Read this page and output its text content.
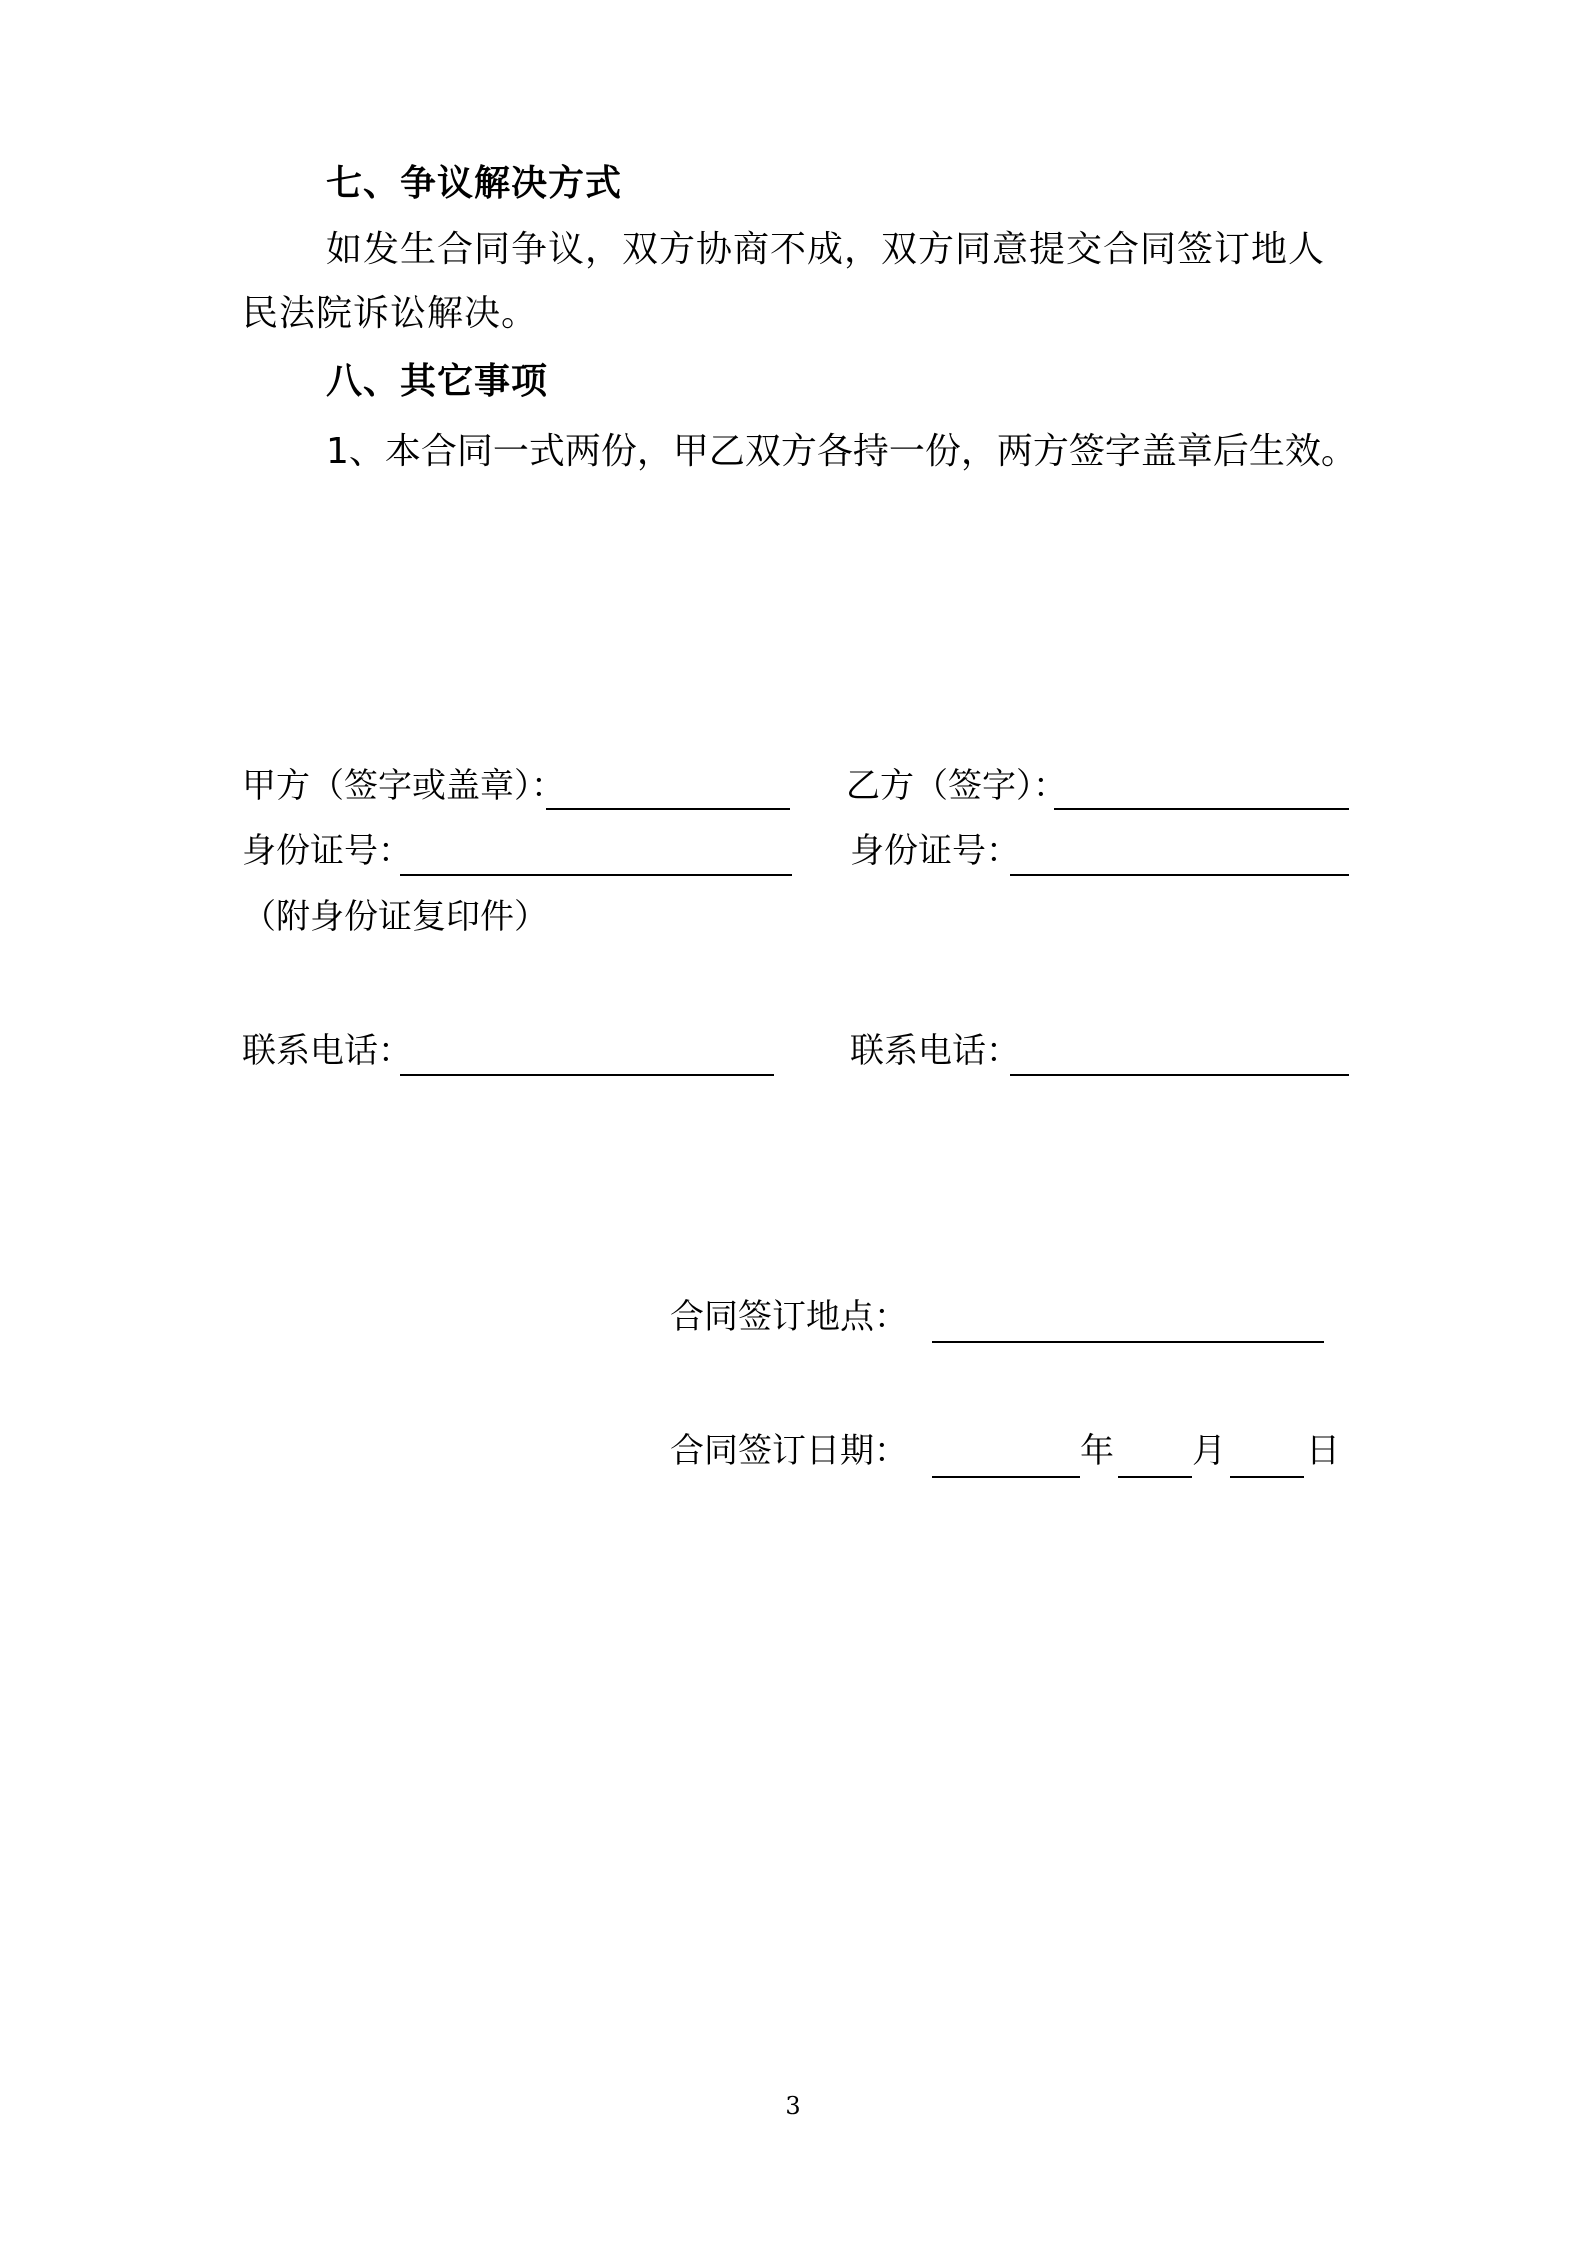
七、争议解决方式
如发生合同争议，双方协商不成，双方同意提交合同签订地人
民法院诉讼解决。
八、其它事项
1、本合同一式两份，甲乙双方各持一份，两方签字盖章后生效。
甲方（签字或盖章）：	乙方（签字）：
身份证号：	身份证号：
（附身份证复印件）
联系电话：	联系电话：
合同签订地点：
合同签订日期：	年 月 日
3
